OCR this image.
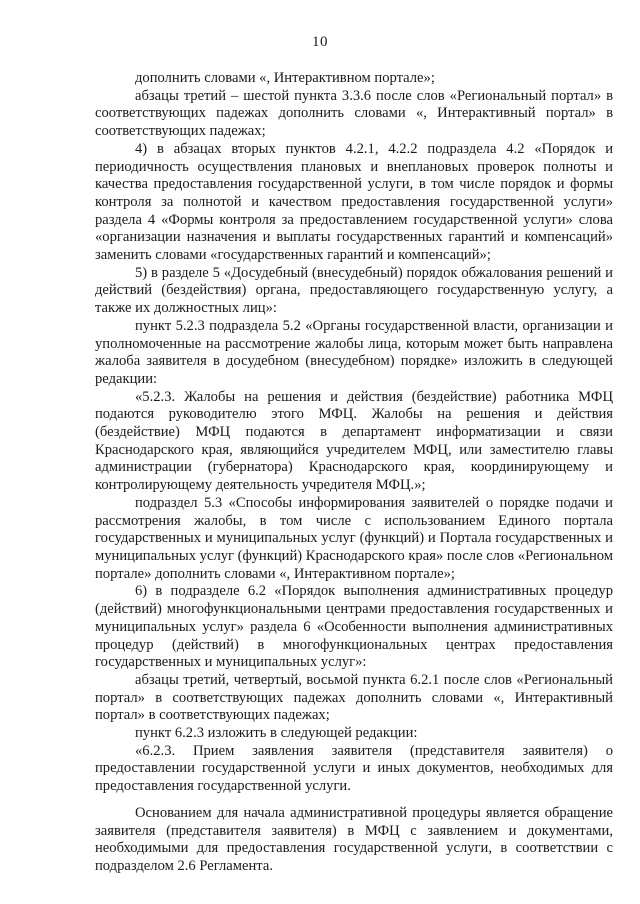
10

дополнить словами «, Интерактивном портале»;

абзацы третий – шестой пункта 3.3.6 после слов «Региональный портал» в соответствующих падежах дополнить словами «, Интерактивный портал» в соответствующих падежах;

4) в абзацах вторых пунктов 4.2.1, 4.2.2 подраздела 4.2 «Порядок и периодичность осуществления плановых и внеплановых проверок полноты и качества предоставления государственной услуги, в том числе порядок и формы контроля за полнотой и качеством предоставления государственной услуги» раздела 4 «Формы контроля за предоставлением государственной услуги» слова «организации назначения и выплаты государственных гарантий и компенсаций» заменить словами «государственных гарантий и компенсаций»;

5) в разделе 5 «Досудебный (внесудебный) порядок обжалования решений и действий (бездействия) органа, предоставляющего государственную услугу, а также их должностных лиц»:

пункт 5.2.3 подраздела 5.2 «Органы государственной власти, организации и уполномоченные на рассмотрение жалобы лица, которым может быть направлена жалоба заявителя в досудебном (внесудебном) порядке» изложить в следующей редакции:

«5.2.3. Жалобы на решения и действия (бездействие) работника МФЦ подаются руководителю этого МФЦ. Жалобы на решения и действия (бездействие) МФЦ подаются в департамент информатизации и связи Краснодарского края, являющийся учредителем МФЦ, или заместителю главы администрации (губернатора) Краснодарского края, координирующему и контролирующему деятельность учредителя МФЦ.»;

подраздел 5.3 «Способы информирования заявителей о порядке подачи и рассмотрения жалобы, в том числе с использованием Единого портала государственных и муниципальных услуг (функций) и Портала государственных и муниципальных услуг (функций) Краснодарского края» после слов «Региональном портале» дополнить словами «, Интерактивном портале»;

6) в подразделе 6.2 «Порядок выполнения административных процедур (действий) многофункциональными центрами предоставления государственных и муниципальных услуг» раздела 6 «Особенности выполнения административных процедур (действий) в многофункциональных центрах предоставления государственных и муниципальных услуг»:

абзацы третий, четвертый, восьмой пункта 6.2.1 после слов «Региональный портал» в соответствующих падежах дополнить словами «, Интерактивный портал» в соответствующих падежах;

пункт 6.2.3 изложить в следующей редакции:

«6.2.3. Прием заявления заявителя (представителя заявителя) о предоставлении государственной услуги и иных документов, необходимых для предоставления государственной услуги.

Основанием для начала административной процедуры является обращение заявителя (представителя заявителя) в МФЦ с заявлением и документами, необходимыми для предоставления государственной услуги, в соответствии с подразделом 2.6 Регламента.
